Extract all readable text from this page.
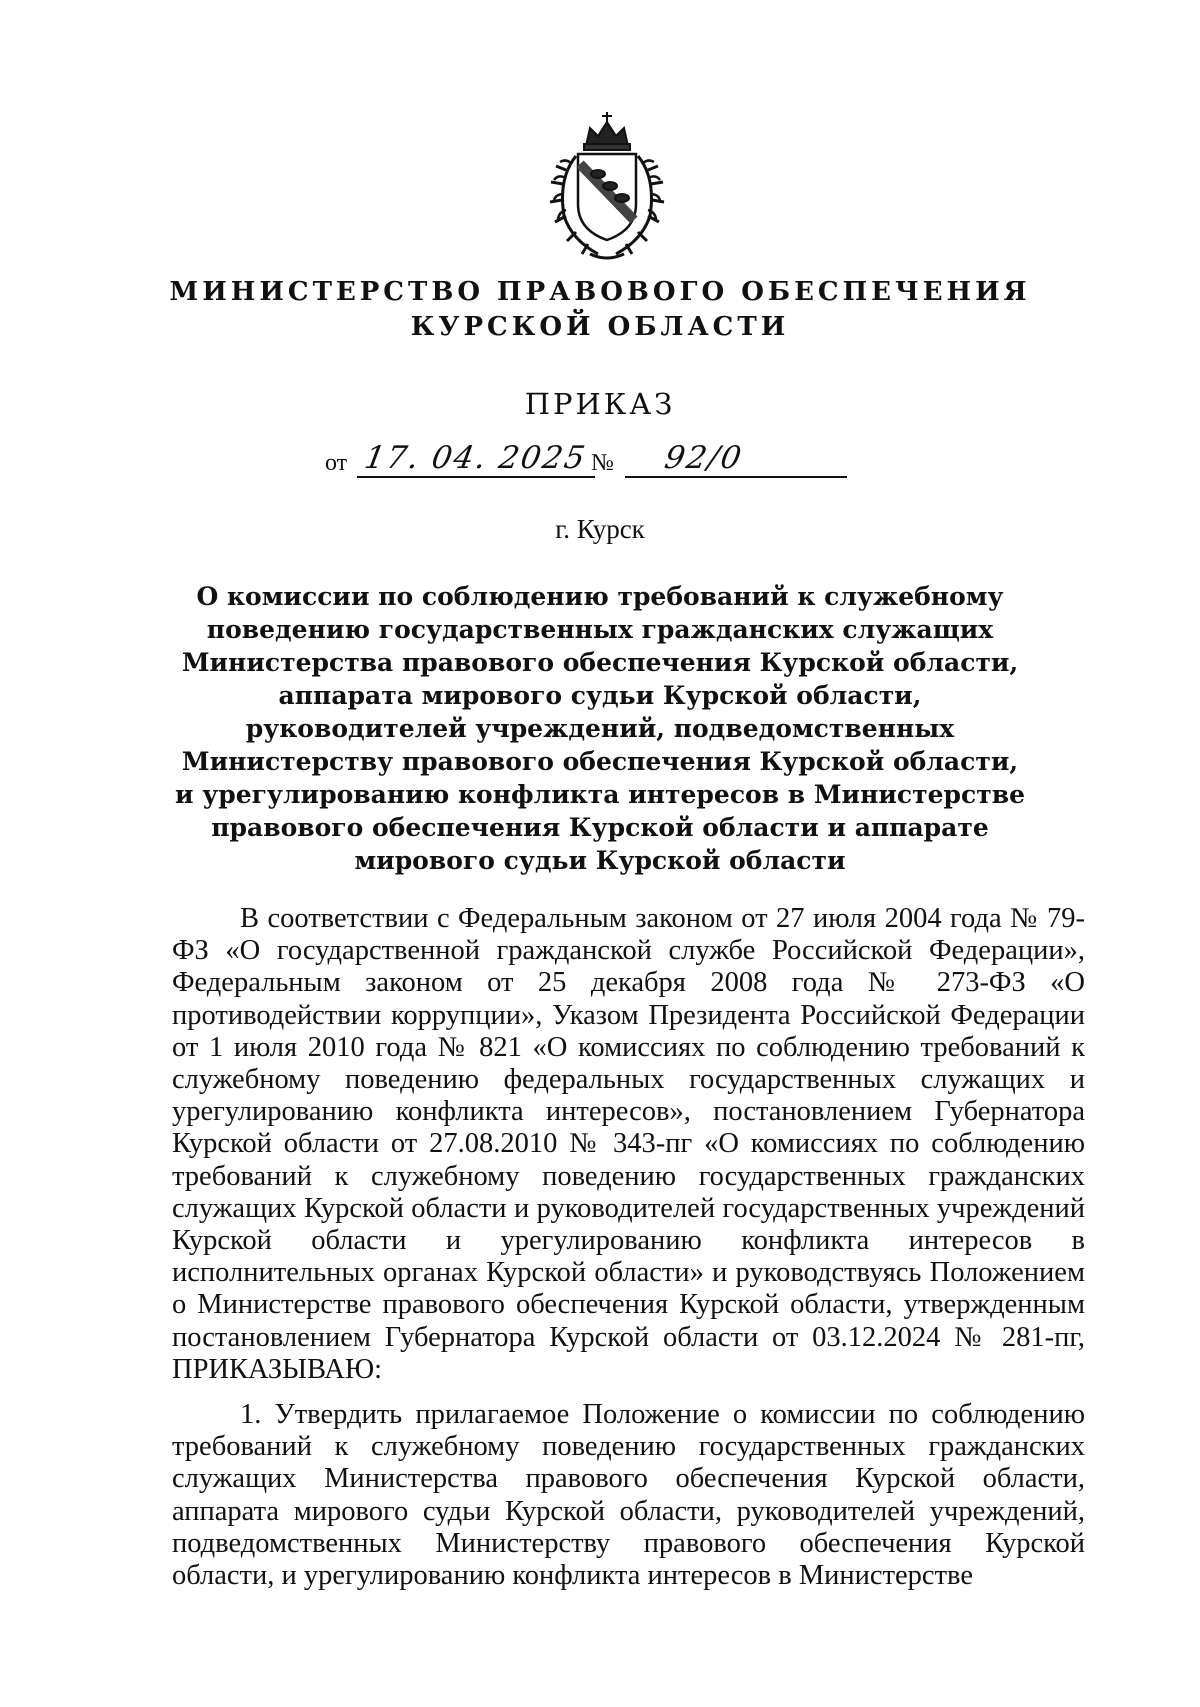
МИНИСТЕРСТВО ПРАВОВОГО ОБЕСПЕЧЕНИЯ
КУРСКОЙ ОБЛАСТИ
ПРИКАЗ
от 17. 04. 2025 № 92/0
г. Курск
О комиссии по соблюдению требований к служебному поведению государственных гражданских служащих Министерства правового обеспечения Курской области, аппарата мирового судьи Курской области, руководителей учреждений, подведомственных Министерству правового обеспечения Курской области, и урегулированию конфликта интересов в Министерстве правового обеспечения Курской области и аппарате мирового судьи Курской области

В соответствии с Федеральным законом от 27 июля 2004 года № 79-ФЗ «О государственной гражданской службе Российской Федерации», Федеральным законом от 25 декабря 2008 года № 273-ФЗ «О противодействии коррупции», Указом Президента Российской Федерации от 1 июля 2010 года № 821 «О комиссиях по соблюдению требований к служебному поведению федеральных государственных служащих и урегулированию конфликта интересов», постановлением Губернатора Курской области от 27.08.2010 № 343-пг «О комиссиях по соблюдению требований к служебному поведению государственных гражданских служащих Курской области и руководителей государственных учреждений Курской области и урегулированию конфликта интересов в исполнительных органах Курской области» и руководствуясь Положением о Министерстве правового обеспечения Курской области, утвержденным постановлением Губернатора Курской области от 03.12.2024 № 281-пг, ПРИКАЗЫВАЮ:

1. Утвердить прилагаемое Положение о комиссии по соблюдению требований к служебному поведению государственных гражданских служащих Министерства правового обеспечения Курской области, аппарата мирового судьи Курской области, руководителей учреждений, подведомственных Министерству правового обеспечения Курской области, и урегулированию конфликта интересов в Министерстве
